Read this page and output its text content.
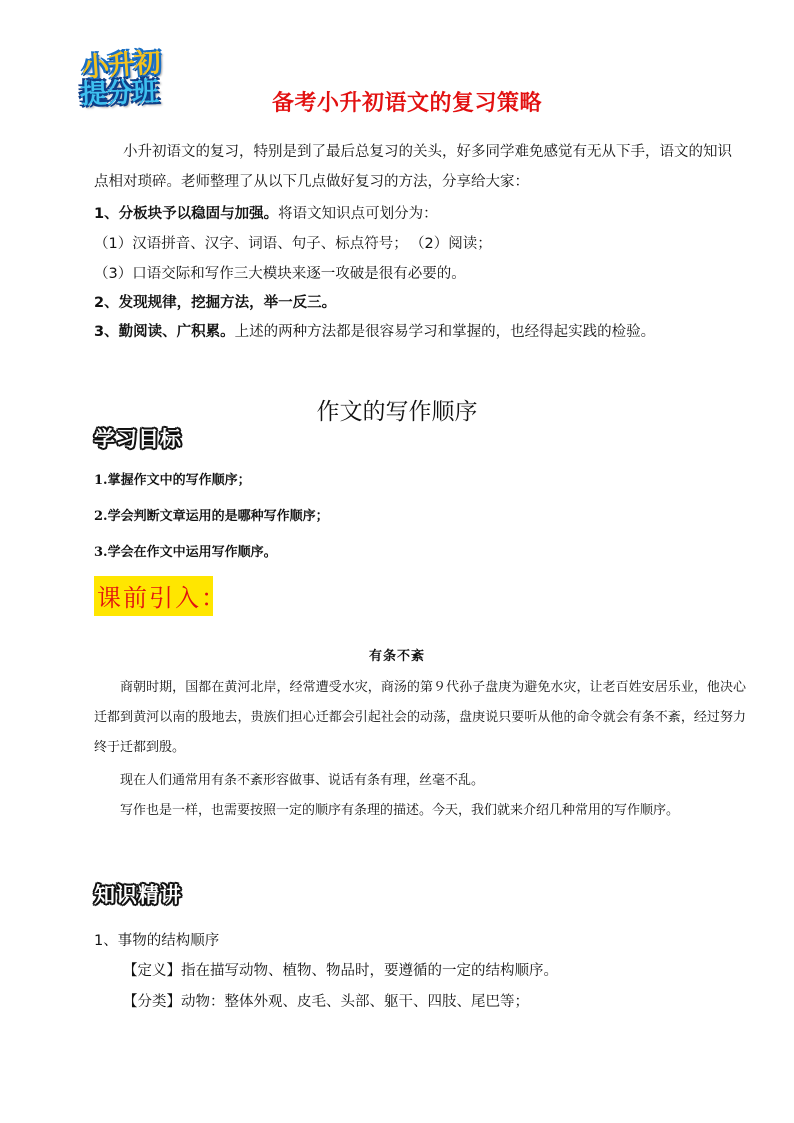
小升初
提分班	备考小升初语文的复习策略
小升初语文的复习，特别是到了最后总复习的关头，好多同学难免感觉有无从下手，语文的知识点相对琐碎。老师整理了从以下几点做好复习的方法，分享给大家：
1、分板块予以稳固与加强。将语文知识点可划分为：
（1）汉语拼音、汉字、词语、句子、标点符号； （2）阅读；
（3）口语交际和写作三大模块来逐一攻破是很有必要的。
2、发现规律，挖掘方法，举一反三。
3、勤阅读、广积累。上述的两种方法都是很容易学习和掌握的，也经得起实践的检验。
作文的写作顺序
学习目标
1.掌握作文中的写作顺序；
2.学会判断文章运用的是哪种写作顺序；
3.学会在作文中运用写作顺序。
课前引入：
有条不紊
商朝时期，国都在黄河北岸，经常遭受水灾，商汤的第９代孙子盘庚为避免水灾，让老百姓安居乐业，他决心迁都到黄河以南的殷地去，贵族们担心迁都会引起社会的动荡，盘庚说只要听从他的命令就会有条不紊，经过努力终于迁都到殷。
现在人们通常用有条不紊形容做事、说话有条有理，丝毫不乱。
写作也是一样，也需要按照一定的顺序有条理的描述。今天，我们就来介绍几种常用的写作顺序。
知识精讲
1、事物的结构顺序
【定义】指在描写动物、植物、物品时，要遵循的一定的结构顺序。
【分类】动物：整体外观、皮毛、头部、躯干、四肢、尾巴等；
